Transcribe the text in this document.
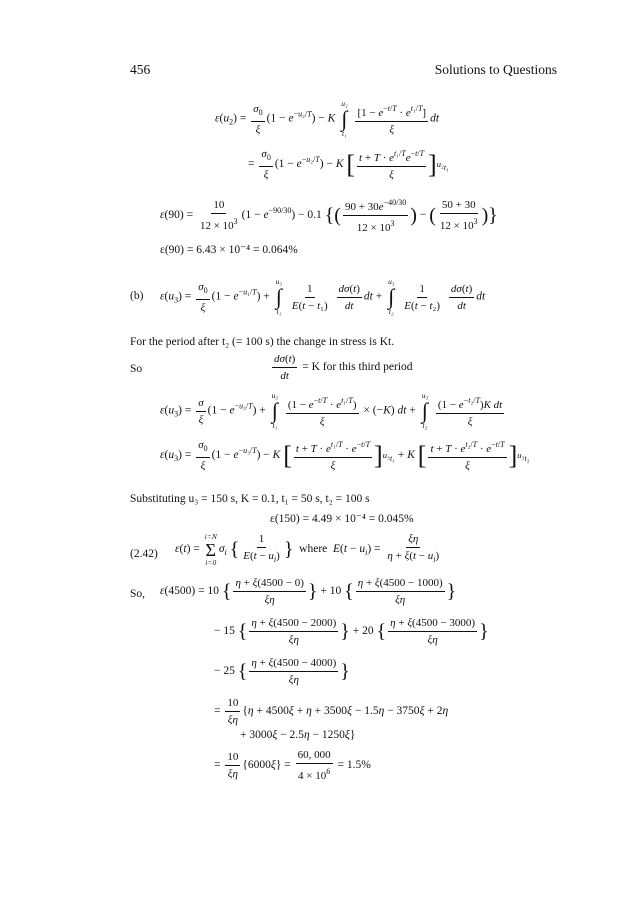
456	Solutions to Questions
$\varepsilon(u_2) = \frac{\sigma_0}{\xi} (1 - e^{-u_2/T}) - K$
u₂
∫
t₁
$\frac{[1 - e^{-t/T} \cdot e^{t_1/T}]}{\xi}$ dt
= $\frac{\sigma_0}{\xi} (1 - e^{-u_2/T}) - K$ [ $\frac{t + T \cdot e^{t_1/T}e^{-t/T}}{\xi} ]u_2_{t_1}$
$\varepsilon(90) = \frac{10}{12 \times 10^3} (1 - e^{-90/30}) - 0.1$ {( $\frac{90 + 30e^{-40/30}}{12 \times 10^3}$ ) − ( $\frac{50 + 30}{12 \times 10^3}$ )}
ε(90) = 6.43 × 10⁻⁴ = 0.064%
(b) $\varepsilon(u_3) = \frac{\sigma_0}{\xi} (1 - e^{-u_1/T})$ +
u₃
∫
t₁
$\frac{1}{\text{E(t − t₁)}}$
$\frac{d\sigma(t)}{dt}$ dt +
u₃
∫
t₂
$\frac{1}{\text{E(t − t₂)}}$
$\frac{d\sigma(t)}{dt}$ dt
For the period after t₂ (= 100 s) the change in stress is Kt.
So	$\frac{d\sigma(t)}{dt} = K$ for this third period
$\varepsilon(u_3) = \frac{\sigma}{\xi} (1 - e^{-u_3/T})$ +
u₃
∫
t₁
$\frac{(1 - e^{-t/T} \cdot e^{t_1/T})}{\xi} \times (-K)$ dt +
u₃
∫
t₂
$\frac{(1 - e^{-t_2/T})K dt}{\xi}$
$\varepsilon(u_3) = \frac{\sigma_0}{\xi} (1 - e^{-u_3/T}) - K$ [ $\frac{t + T \cdot e^{t_1/T} \cdot e^{-t/T}}{\xi} ]u_3_{t_1} + K$ [ $\frac{t + T \cdot e^{t_2/T} \cdot e^{-t/T}}{\xi} ]u_3_{t_2}$
Substituting u₃ = 150 s, K = 0.1, t₁ = 50 s, t₂ = 100 s
ε(150) = 4.49 × 10⁻⁴ = 0.045%
(2.42) ε(t) =
i=N
Σ
i=0
$\sigma_i$ { $\frac{1}{E(t - u_i)}$ } where $E(t - u_i) = \frac{\xi\eta}{\eta + \xi(t - u_i)}$
So, ε(4500) = 10 { $\frac{\eta + \xi(4500 - 0)}{\xi\eta}$ } + 10 { $\frac{\eta + \xi(4500 - 1000)}{\xi\eta}$ }
− 15 { $\frac{\eta + \xi(4500 - 2000)}{\xi\eta}$ } + 20 { $\frac{\eta + \xi(4500 - 3000)}{\xi\eta}$ }
− 25 { $\frac{\eta + \xi(4500 - 4000)}{\xi\eta}$ }
= $\frac{10}{\xi\eta} \{\eta + 4500\xi + \eta + 3500\xi - 1.5\eta - 3750\xi + 2\eta$
+ 3000ξ − 2.5η − 1250ξ}
= $\frac{10}{\xi\eta} \{6000\xi\} = \frac{60, 000}{4 \times 10^6} = 1.5\%$
